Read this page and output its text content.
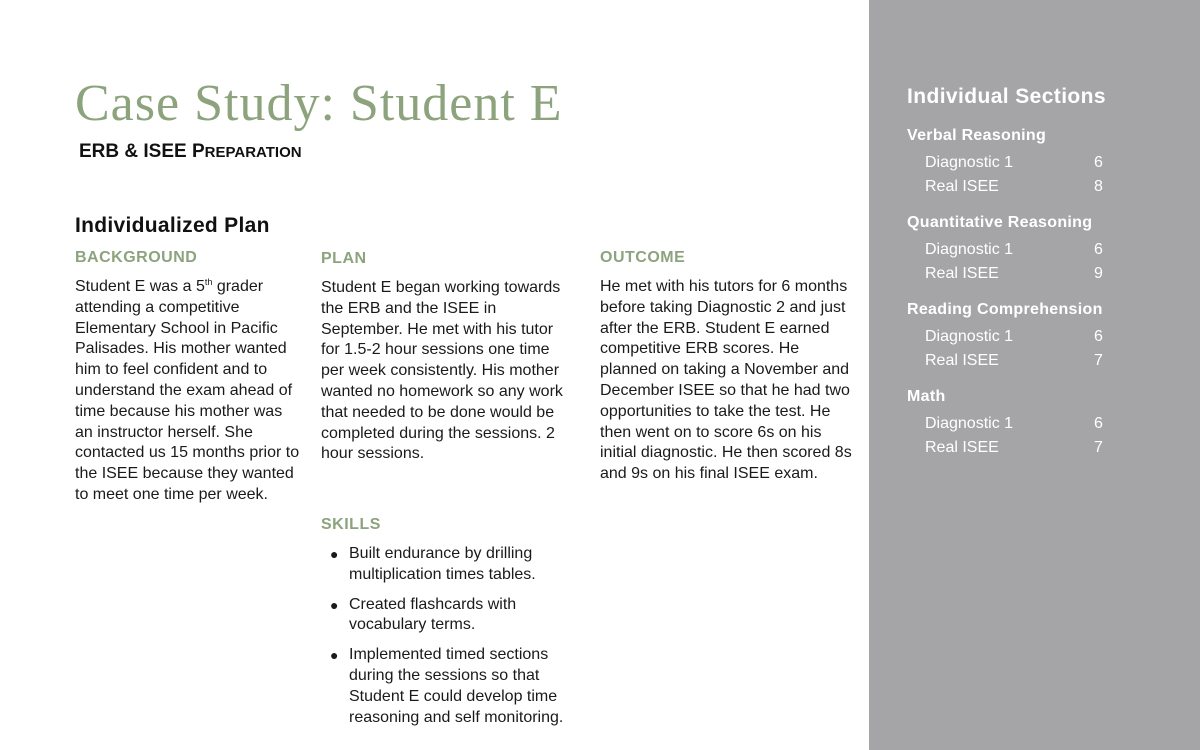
Case Study: Student E
ERB & ISEE PREPARATION
Individualized Plan
BACKGROUND

Student E was a 5th grader attending a competitive Elementary School in Pacific Palisades. His mother wanted him to feel confident and to understand the exam ahead of time because his mother was an instructor herself. She contacted us 15 months prior to the ISEE because they wanted to meet one time per week.

PLAN

Student E began working towards the ERB and the ISEE in September. He met with his tutor for 1.5-2 hour sessions one time per week consistently. His mother wanted no homework so any work that needed to be done would be completed during the sessions. 2 hour sessions.

SKILLS
● Built endurance by drilling multiplication times tables.
● Created flashcards with vocabulary terms.
● Implemented timed sections during the sessions so that Student E could develop time reasoning and self monitoring.
OUTCOME

He met with his tutors for 6 months before taking Diagnostic 2 and just after the ERB. Student E earned competitive ERB scores. He planned on taking a November and December ISEE so that he had two opportunities to take the test. He then went on to score 6s on his initial diagnostic. He then scored 8s and 9s on his final ISEE exam.

Individual Sections
Verbal Reasoning
Diagnostic 1	6
Real ISEE	8
Quantitative Reasoning
Diagnostic 1	6
Real ISEE	9
Reading Comprehension
Diagnostic 1	6
Real ISEE	7
Math
Diagnostic 1	6
Real ISEE	7
